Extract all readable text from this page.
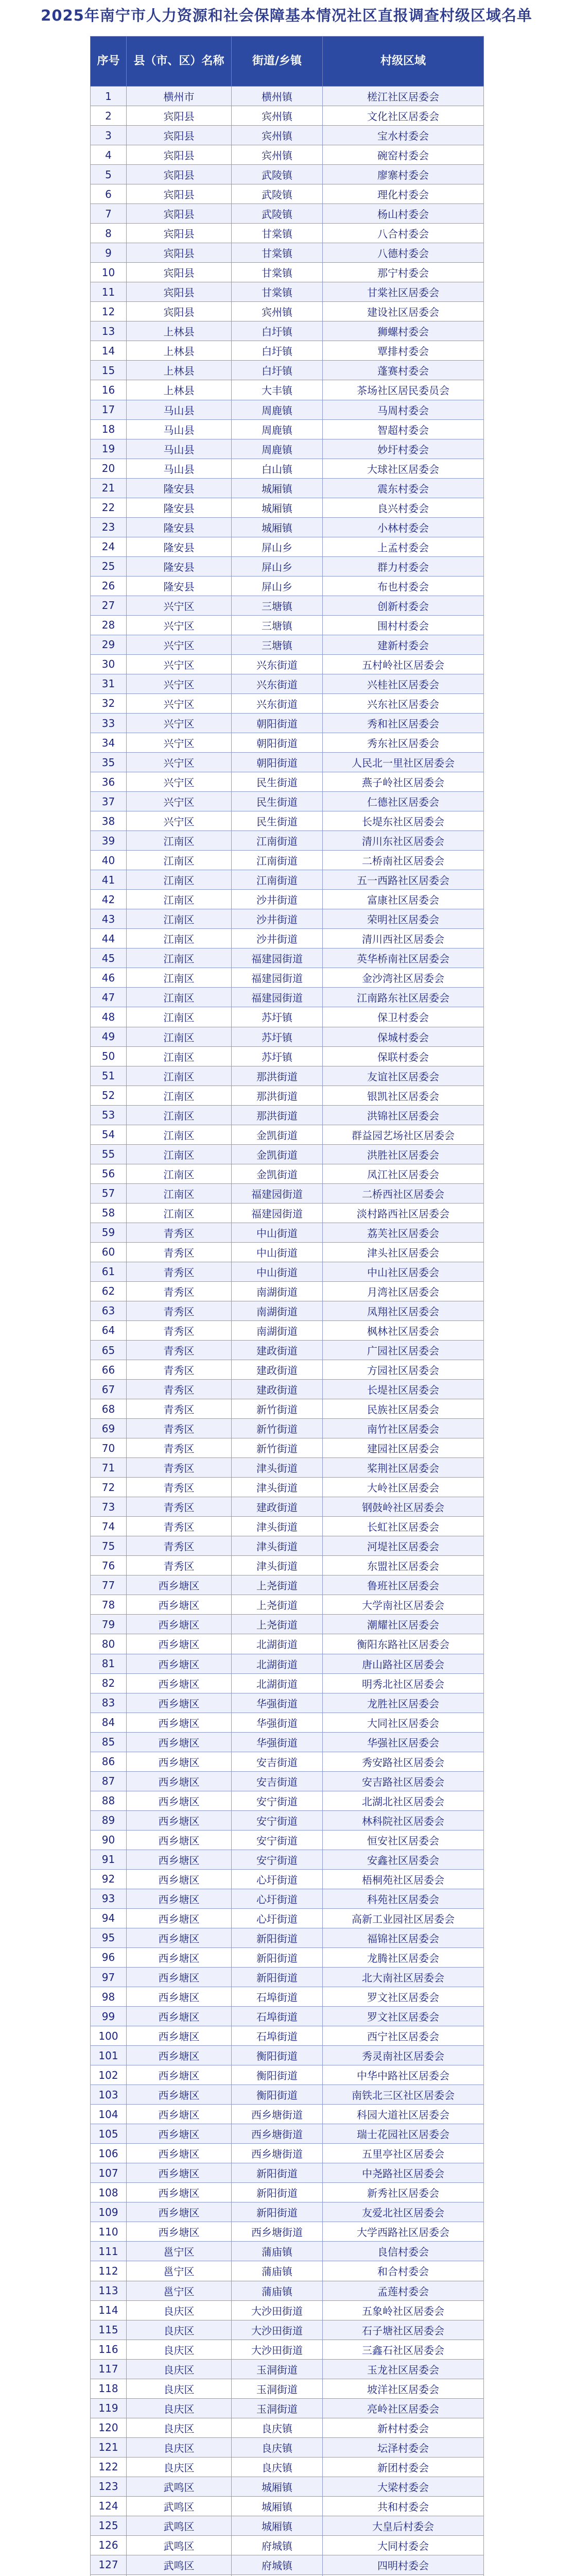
2025年南宁市人力资源和社会保障基本情况社区直报调查村级区域名单
序号	县（市、区）名称	街道/乡镇	村级区域
1	横州市	横州镇	槎江社区居委会
2	宾阳县	宾州镇	文化社区居委会
3	宾阳县	宾州镇	宝水村委会
4	宾阳县	宾州镇	碗窑村委会
5	宾阳县	武陵镇	廖寨村委会
6	宾阳县	武陵镇	理化村委会
7	宾阳县	武陵镇	杨山村委会
8	宾阳县	甘棠镇	八合村委会
9	宾阳县	甘棠镇	八德村委会
10	宾阳县	甘棠镇	那宁村委会
11	宾阳县	甘棠镇	甘棠社区居委会
12	宾阳县	宾州镇	建设社区居委会
13	上林县	白圩镇	狮螺村委会
14	上林县	白圩镇	覃排村委会
15	上林县	白圩镇	蓬赛村委会
16	上林县	大丰镇	茶场社区居民委员会
17	马山县	周鹿镇	马周村委会
18	马山县	周鹿镇	智超村委会
19	马山县	周鹿镇	妙圩村委会
20	马山县	白山镇	大球社区居委会
21	隆安县	城厢镇	震东村委会
22	隆安县	城厢镇	良兴村委会
23	隆安县	城厢镇	小林村委会
24	隆安县	屏山乡	上孟村委会
25	隆安县	屏山乡	群力村委会
26	隆安县	屏山乡	布也村委会
27	兴宁区	三塘镇	创新村委会
28	兴宁区	三塘镇	围村村委会
29	兴宁区	三塘镇	建新村委会
30	兴宁区	兴东街道	五村岭社区居委会
31	兴宁区	兴东街道	兴桂社区居委会
32	兴宁区	兴东街道	兴东社区居委会
33	兴宁区	朝阳街道	秀和社区居委会
34	兴宁区	朝阳街道	秀东社区居委会
35	兴宁区	朝阳街道	人民北一里社区居委会
36	兴宁区	民生街道	燕子岭社区居委会
37	兴宁区	民生街道	仁德社区居委会
38	兴宁区	民生街道	长堤东社区居委会
39	江南区	江南街道	清川东社区居委会
40	江南区	江南街道	二桥南社区居委会
41	江南区	江南街道	五一西路社区居委会
42	江南区	沙井街道	富康社区居委会
43	江南区	沙井街道	荣明社区居委会
44	江南区	沙井街道	清川西社区居委会
45	江南区	福建园街道	英华桥南社区居委会
46	江南区	福建园街道	金沙湾社区居委会
47	江南区	福建园街道	江南路东社区居委会
48	江南区	苏圩镇	保卫村委会
49	江南区	苏圩镇	保城村委会
50	江南区	苏圩镇	保联村委会
51	江南区	那洪街道	友谊社区居委会
52	江南区	那洪街道	银凯社区居委会
53	江南区	那洪街道	洪锦社区居委会
54	江南区	金凯街道	群益园艺场社区居委会
55	江南区	金凯街道	洪胜社区居委会
56	江南区	金凯街道	凤江社区居委会
57	江南区	福建园街道	二桥西社区居委会
58	江南区	福建园街道	淡村路西社区居委会
59	青秀区	中山街道	荔芙社区居委会
60	青秀区	中山街道	津头社区居委会
61	青秀区	中山街道	中山社区居委会
62	青秀区	南湖街道	月湾社区居委会
63	青秀区	南湖街道	凤翔社区居委会
64	青秀区	南湖街道	枫林社区居委会
65	青秀区	建政街道	广园社区居委会
66	青秀区	建政街道	方园社区居委会
67	青秀区	建政街道	长堤社区居委会
68	青秀区	新竹街道	民族社区居委会
69	青秀区	新竹街道	南竹社区居委会
70	青秀区	新竹街道	建园社区居委会
71	青秀区	津头街道	桨荆社区居委会
72	青秀区	津头街道	大岭社区居委会
73	青秀区	建政街道	钢鼓岭社区居委会
74	青秀区	津头街道	长虹社区居委会
75	青秀区	津头街道	河堤社区居委会
76	青秀区	津头街道	东盟社区居委会
77	西乡塘区	上尧街道	鲁班社区居委会
78	西乡塘区	上尧街道	大学南社区居委会
79	西乡塘区	上尧街道	潮耀社区居委会
80	西乡塘区	北湖街道	衡阳东路社区居委会
81	西乡塘区	北湖街道	唐山路社区居委会
82	西乡塘区	北湖街道	明秀北社区居委会
83	西乡塘区	华强街道	龙胜社区居委会
84	西乡塘区	华强街道	大同社区居委会
85	西乡塘区	华强街道	华强社区居委会
86	西乡塘区	安吉街道	秀安路社区居委会
87	西乡塘区	安吉街道	安吉路社区居委会
88	西乡塘区	安宁街道	北湖北社区居委会
89	西乡塘区	安宁街道	林科院社区居委会
90	西乡塘区	安宁街道	恒安社区居委会
91	西乡塘区	安宁街道	安鑫社区居委会
92	西乡塘区	心圩街道	梧桐苑社区居委会
93	西乡塘区	心圩街道	科苑社区居委会
94	西乡塘区	心圩街道	高新工业园社区居委会
95	西乡塘区	新阳街道	福锦社区居委会
96	西乡塘区	新阳街道	龙腾社区居委会
97	西乡塘区	新阳街道	北大南社区居委会
98	西乡塘区	石埠街道	罗文社区居委会
99	西乡塘区	石埠街道	罗文社区居委会
100	西乡塘区	石埠街道	西宁社区居委会
101	西乡塘区	衡阳街道	秀灵南社区居委会
102	西乡塘区	衡阳街道	中华中路社区居委会
103	西乡塘区	衡阳街道	南铁北三区社区居委会
104	西乡塘区	西乡塘街道	科园大道社区居委会
105	西乡塘区	西乡塘街道	瑞士花园社区居委会
106	西乡塘区	西乡塘街道	五里亭社区居委会
107	西乡塘区	新阳街道	中尧路社区居委会
108	西乡塘区	新阳街道	新秀社区居委会
109	西乡塘区	新阳街道	友爱北社区居委会
110	西乡塘区	西乡塘街道	大学西路社区居委会
111	邕宁区	蒲庙镇	良信村委会
112	邕宁区	蒲庙镇	和合村委会
113	邕宁区	蒲庙镇	孟莲村委会
114	良庆区	大沙田街道	五象岭社区居委会
115	良庆区	大沙田街道	石子塘社区居委会
116	良庆区	大沙田街道	三鑫石社区居委会
117	良庆区	玉洞街道	玉龙社区居委会
118	良庆区	玉洞街道	坡洋社区居委会
119	良庆区	玉洞街道	亮岭社区居委会
120	良庆区	良庆镇	新村村委会
121	良庆区	良庆镇	坛泽村委会
122	良庆区	良庆镇	新团村委会
123	武鸣区	城厢镇	大梁村委会
124	武鸣区	城厢镇	共和村委会
125	武鸣区	城厢镇	大皇后村委会
126	武鸣区	府城镇	大同村委会
127	武鸣区	府城镇	四明村委会
